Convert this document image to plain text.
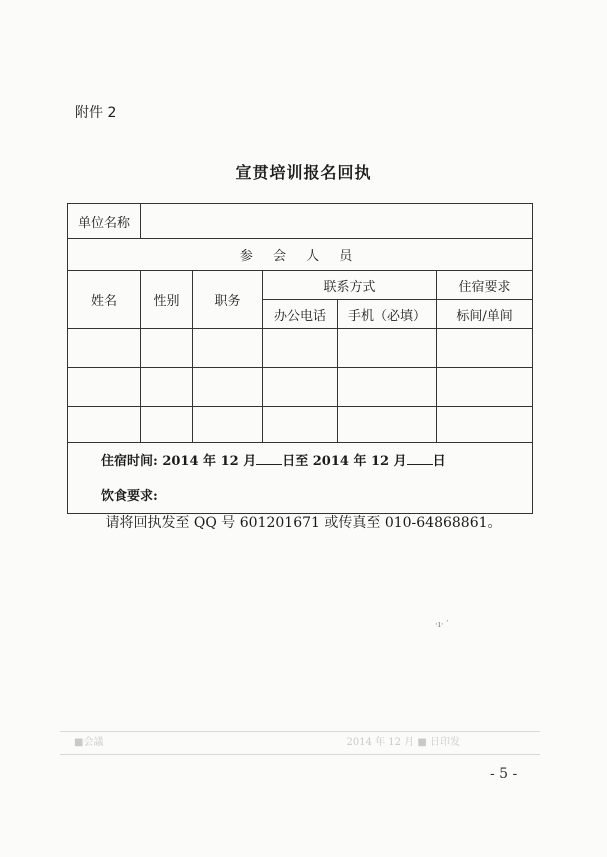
附件 2
宣贯培训报名回执
单位名称					
参 会 人 员					
姓名	性别	职务	联系方式		住宿要求
			办公电话	手机（必填）	标间/单间

住宿时间: 2014 年 12 月 日至 2014 年 12 月 日					
饮食要求:					
请将回执发至 QQ 号 601201671 或传真至 010-64868861。
·ı· ′
■会議	2014 年 12 月 ■ 日印发
- 5 -
